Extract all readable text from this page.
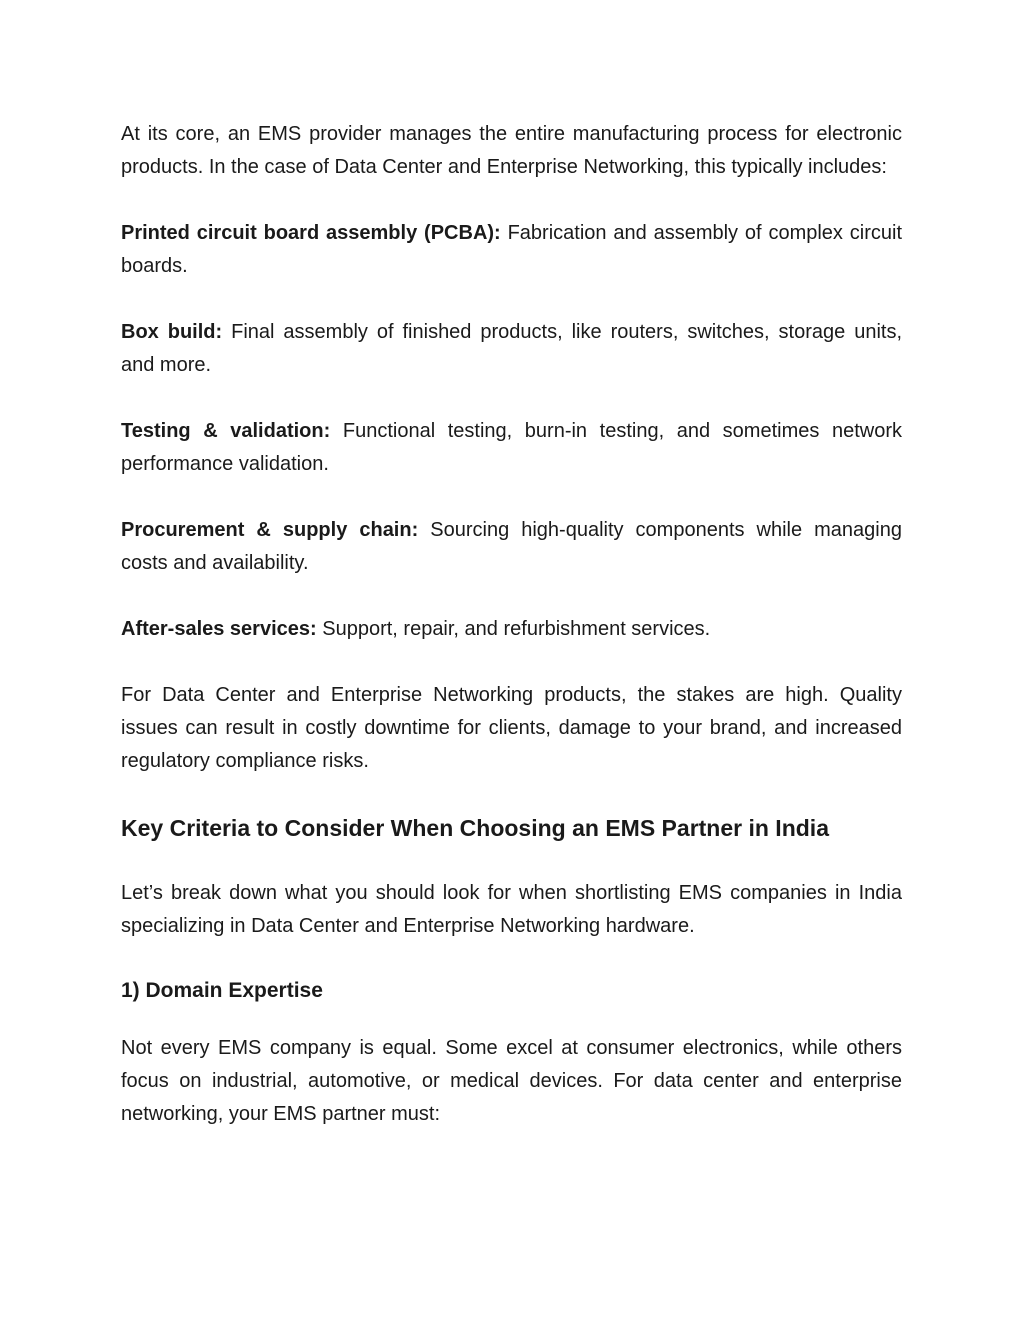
At its core, an EMS provider manages the entire manufacturing process for electronic products. In the case of Data Center and Enterprise Networking, this typically includes:

Printed circuit board assembly (PCBA): Fabrication and assembly of complex circuit boards.

Box build: Final assembly of finished products, like routers, switches, storage units, and more.

Testing & validation: Functional testing, burn-in testing, and sometimes network performance validation.

Procurement & supply chain: Sourcing high-quality components while managing costs and availability.

After-sales services: Support, repair, and refurbishment services.

For Data Center and Enterprise Networking products, the stakes are high. Quality issues can result in costly downtime for clients, damage to your brand, and increased regulatory compliance risks.

Key Criteria to Consider When Choosing an EMS Partner in India

Let’s break down what you should look for when shortlisting EMS companies in India specializing in Data Center and Enterprise Networking hardware.

1) Domain Expertise

Not every EMS company is equal. Some excel at consumer electronics, while others focus on industrial, automotive, or medical devices. For data center and enterprise networking, your EMS partner must:
